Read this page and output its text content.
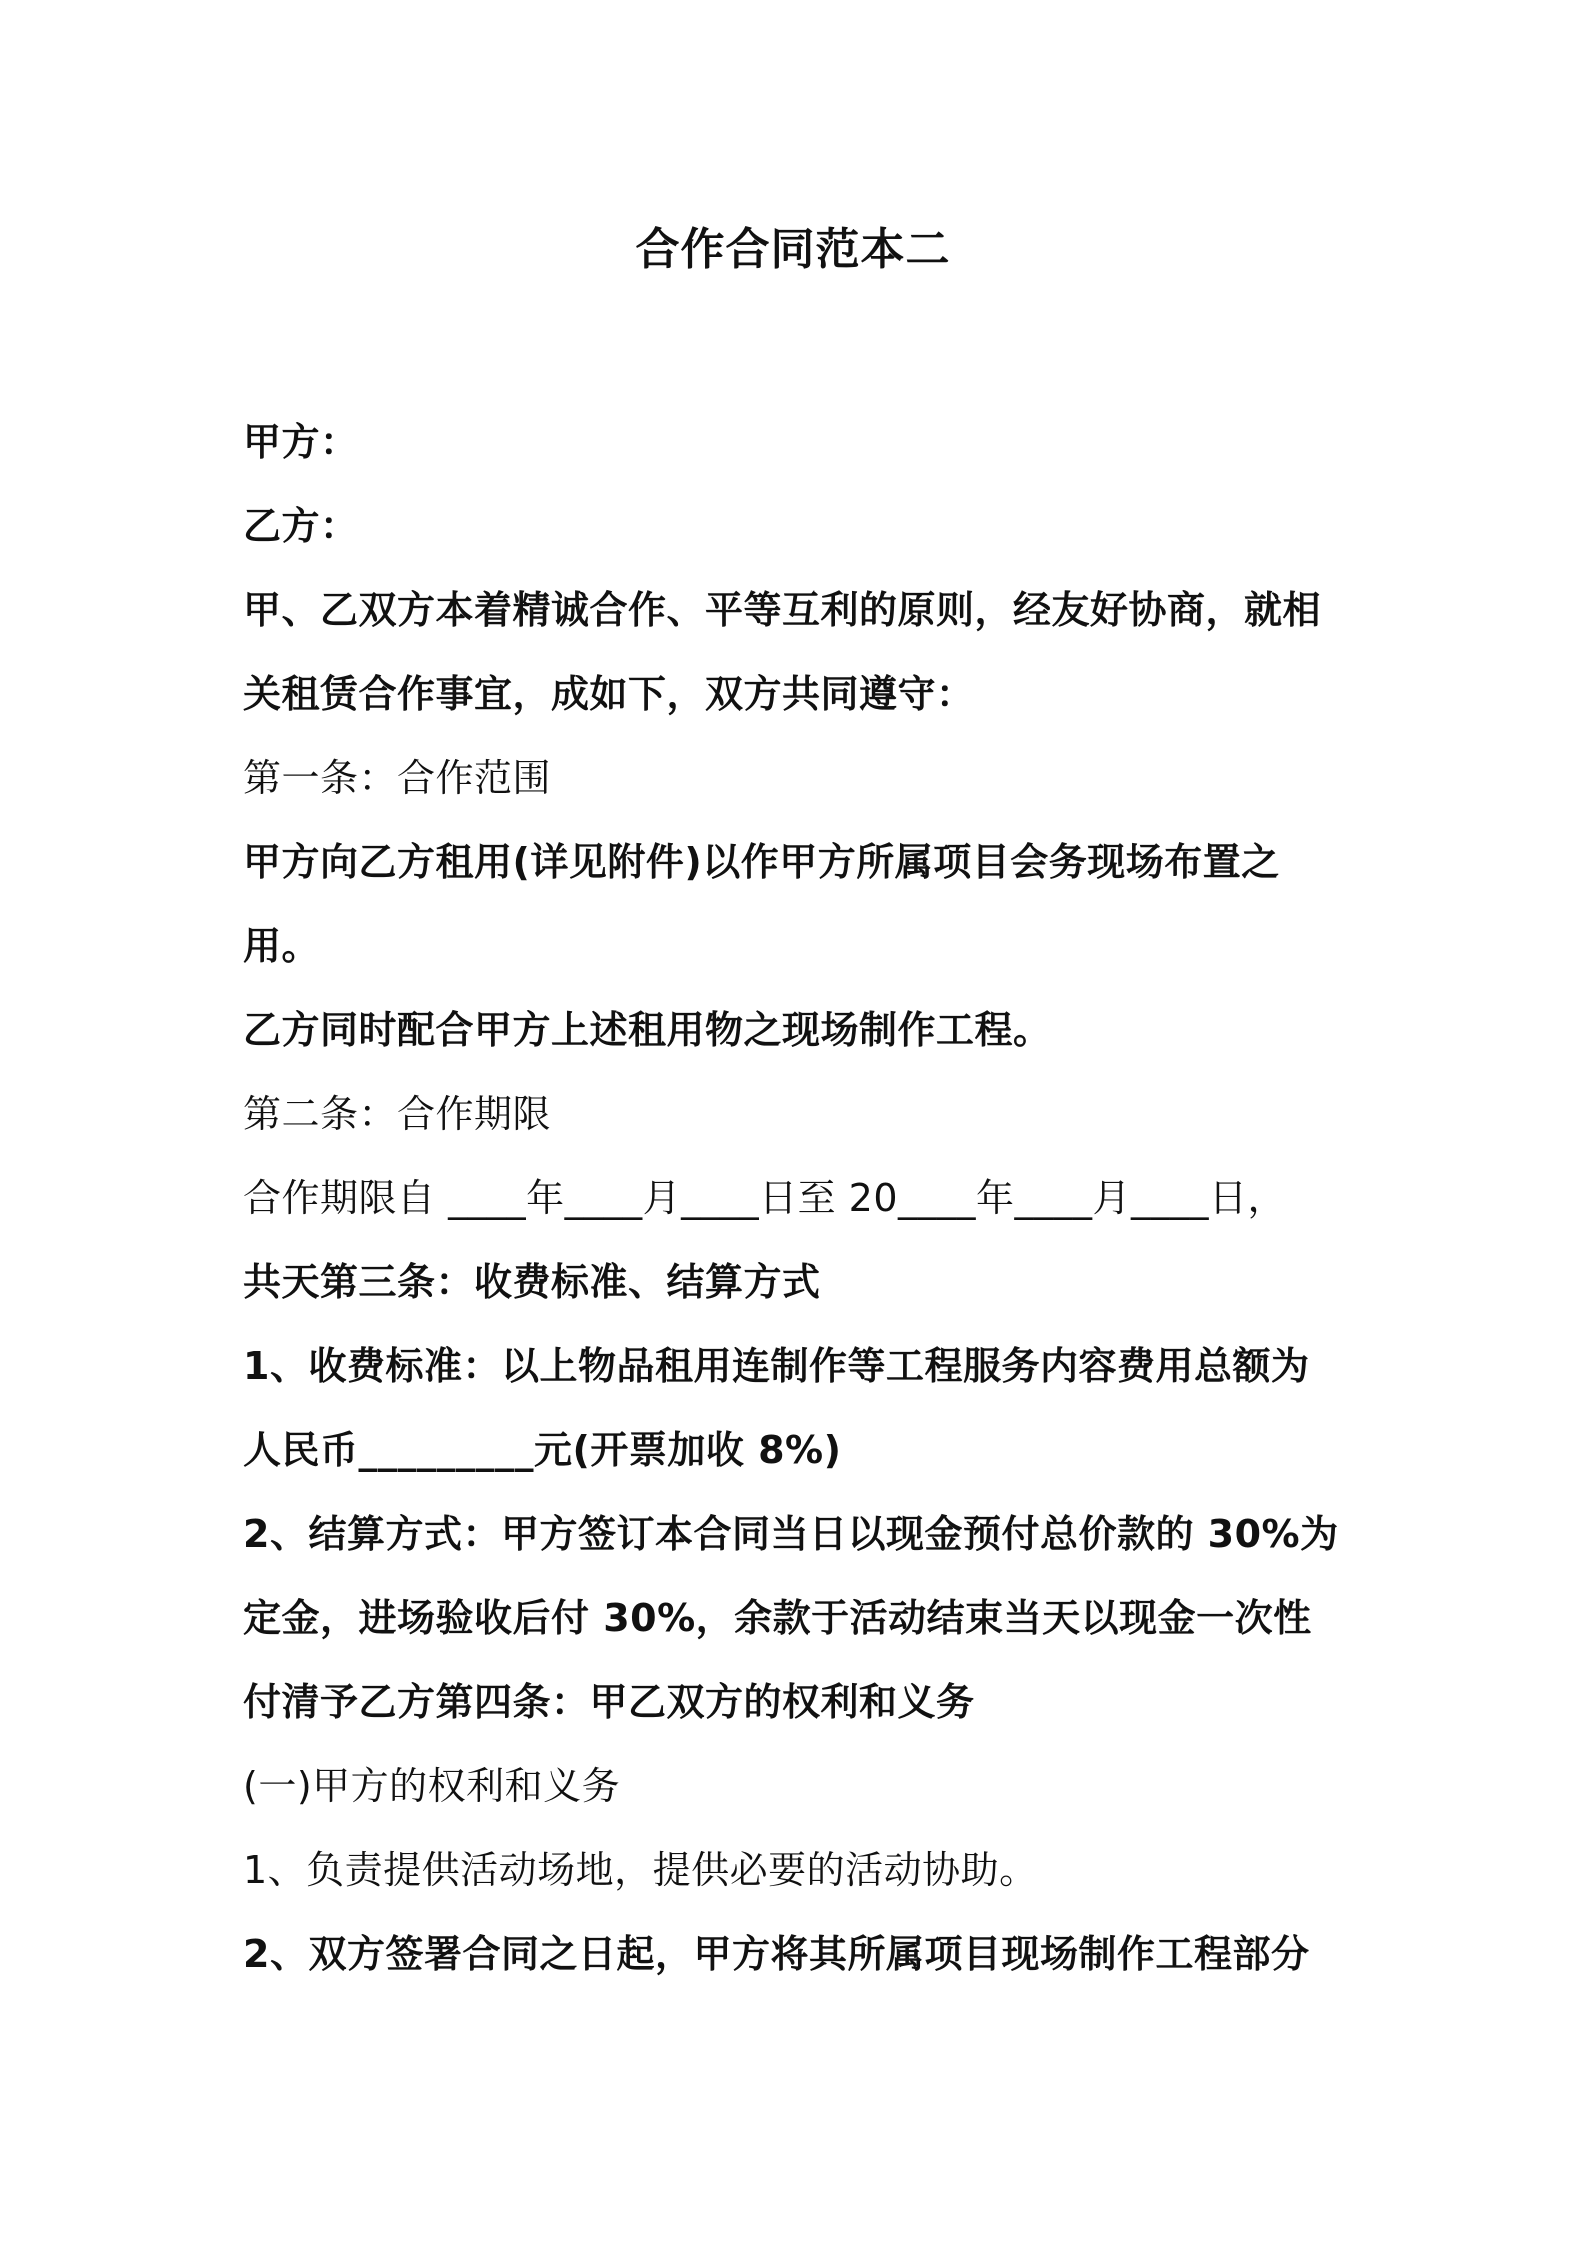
合作合同范本二
甲方：
乙方：
甲、乙双方本着精诚合作、平等互利的原则，经友好协商，就相
关租赁合作事宜，成如下，双方共同遵守：
第一条：合作范围
甲方向乙方租用(详见附件)以作甲方所属项目会务现场布置之
用。
乙方同时配合甲方上述租用物之现场制作工程。
第二条：合作期限
合作期限自 ____年____月____日至 20____年____月____日，
共天第三条：收费标准、结算方式
1、收费标准：以上物品租用连制作等工程服务内容费用总额为
人民币_________元(开票加收 8%)
2、结算方式：甲方签订本合同当日以现金预付总价款的 30%为
定金，进场验收后付 30%，余款于活动结束当天以现金一次性
付清予乙方第四条：甲乙双方的权利和义务
(一)甲方的权利和义务
1、负责提供活动场地，提供必要的活动协助。
2、双方签署合同之日起，甲方将其所属项目现场制作工程部分
